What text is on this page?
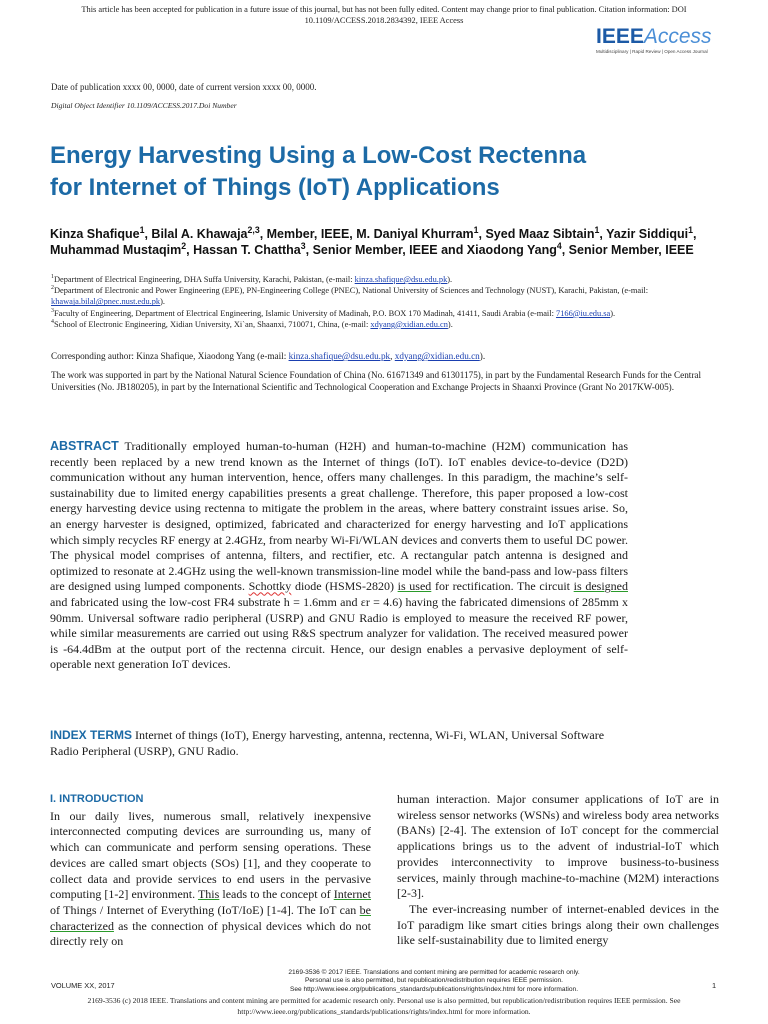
This article has been accepted for publication in a future issue of this journal, but has not been fully edited. Content may change prior to final publication. Citation information: DOI
10.1109/ACCESS.2018.2834392, IEEE Access
IEEEAccess
Multidisciplinary | Rapid Review | Open Access Journal
Date of publication xxxx 00, 0000, date of current version xxxx 00, 0000.
Digital Object Identifier 10.1109/ACCESS.2017.Doi Number
Energy Harvesting Using a Low-Cost Rectenna
for Internet of Things (IoT) Applications
Kinza Shafique$^1$, Bilal A. Khawaja$^{2,3}$, Member, IEEE, M. Daniyal Khurram$^1$, Syed Maaz Sibtain$^1$, Yazir Siddiqui$^1$, Muhammad Mustaqim$^2$, Hassan T. Chattha$^3$, Senior Member, IEEE and Xiaodong Yang$^4$, Senior Member, IEEE

$^1$Department of Electrical Engineering, DHA Suffa University, Karachi, Pakistan, (e-mail: kinza.shafique@dsu.edu.pk).

$^2$Department of Electronic and Power Engineering (EPE), PN-Engineering College (PNEC), National University of Sciences and Technology (NUST), Karachi, Pakistan, (e-mail: khawaja.bilal@pnec.nust.edu.pk).

$^3$Faculty of Engineering, Department of Electrical Engineering, Islamic University of Madinah, P.O. BOX 170 Madinah, 41411, Saudi Arabia (e-mail: 7166@iu.edu.sa).

$^4$School of Electronic Engineering, Xidian University, Xi`an, Shaanxi, 710071, China, (e-mail: xdyang@xidian.edu.cn).

Corresponding author: Kinza Shafique, Xiaodong Yang (e-mail: kinza.shafique@dsu.edu.pk, xdyang@xidian.edu.cn).
The work was supported in part by the National Natural Science Foundation of China (No. 61671349 and 61301175), in part by the Fundamental Research Funds for the Central Universities (No. JB180205), in part by the International Scientific and Technological Cooperation and Exchange Projects in Shaanxi Province (Grant No 2017KW-005).
ABSTRACT Traditionally employed human-to-human (H2H) and human-to-machine (H2M) communication has recently been replaced by a new trend known as the Internet of things (IoT). IoT enables device-to-device (D2D) communication without any human intervention, hence, offers many challenges. In this paradigm, the machine’s self-sustainability due to limited energy capabilities presents a great challenge. Therefore, this paper proposed a low-cost energy harvesting device using rectenna to mitigate the problem in the areas, where battery constraint issues arise. So, an energy harvester is designed, optimized, fabricated and characterized for energy harvesting and IoT applications which simply recycles RF energy at 2.4GHz, from nearby Wi-Fi/WLAN devices and converts them to useful DC power. The physical model comprises of antenna, filters, and rectifier, etc. A rectangular patch antenna is designed and optimized to resonate at 2.4GHz using the well-known transmission-line model while the band-pass and low-pass filters are designed using lumped components. Schottky diode (HSMS-2820) is used for rectification. The circuit is designed and fabricated using the low-cost FR4 substrate h = 1.6mm and εr = 4.6) having the fabricated dimensions of 285mm x 90mm. Universal software radio peripheral (USRP) and GNU Radio is employed to measure the received RF power, while similar measurements are carried out using R&S spectrum analyzer for validation. The received measured power is -64.4dBm at the output port of the rectenna circuit. Hence, our design enables a pervasive deployment of self-operable next generation IoT devices.
INDEX TERMS Internet of things (IoT), Energy harvesting, antenna, rectenna, Wi-Fi, WLAN, Universal Software Radio Peripheral (USRP), GNU Radio.
I. INTRODUCTION

In our daily lives, numerous small, relatively inexpensive interconnected computing devices are surrounding us, many of which can communicate and perform sensing operations. These devices are called smart objects (SOs) [1], and they cooperate to collect data and provide services to end users in the pervasive computing [1-2] environment. This leads to the concept of Internet of Things / Internet of Everything (IoT/IoE) [1-4]. The IoT can be characterized as the connection of physical devices which do not directly rely on

human interaction. Major consumer applications of IoT are in wireless sensor networks (WSNs) and wireless body area networks (BANs) [2-4]. The extension of IoT concept for the commercial applications brings us to the advent of industrial-IoT which provides interconnectivity to improve business-to-business services, mainly through machine-to-machine (M2M) interactions [2-3].

The ever-increasing number of internet-enabled devices in the IoT paradigm like smart cities brings along their own challenges like self-sustainability due to limited energy

2169-3536 © 2017 IEEE. Translations and content mining are permitted for academic research only.
Personal use is also permitted, but republication/redistribution requires IEEE permission.
See http://www.ieee.org/publications_standards/publications/rights/index.html for more information.
VOLUME XX, 2017	1
2169-3536 (c) 2018 IEEE. Translations and content mining are permitted for academic research only. Personal use is also permitted, but republication/redistribution requires IEEE permission. See
http://www.ieee.org/publications_standards/publications/rights/index.html for more information.
